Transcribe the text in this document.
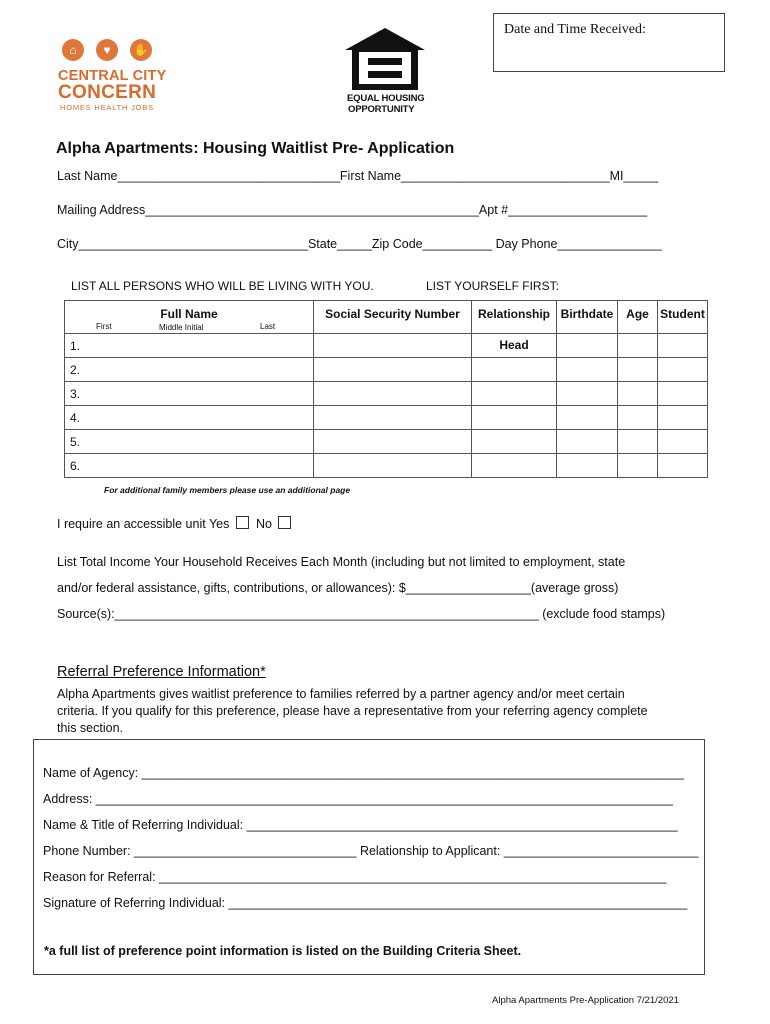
Date and Time Received:
⌂	♥	✋
CENTRAL CITY
CONCERN
HOMES HEALTH JOBS
EQUAL HOUSING
OPPORTUNITY
Alpha Apartments: Housing Waitlist Pre- Application
Last Name________________________________First Name______________________________MI_____
Mailing Address________________________________________________Apt #____________________
City_________________________________State_____Zip Code__________ Day Phone_______________
LIST ALL PERSONS WHO WILL BE LIVING WITH YOU.	LIST YOURSELF FIRST:
Full Name
First Middle Initial Last	Social Security Number	Relationship	Birthdate	Age	Student
1.		Head			
2.					
3.					
4.					
5.					
6.					
For additional family members please use an additional page
I require an accessible unit Yes No
List Total Income Your Household Receives Each Month (including but not limited to employment, state
and/or federal assistance, gifts, contributions, or allowances): $__________________(average gross)
Source(s):_____________________________________________________________ (exclude food stamps)
Referral Preference Information*
Alpha Apartments gives waitlist preference to families referred by a partner agency and/or meet certain
criteria. If you qualify for this preference, please have a representative from your referring agency complete
this section.
Name of Agency: ______________________________________________________________________________
Address: ___________________________________________________________________________________
Name & Title of Referring Individual: ______________________________________________________________
Phone Number: ________________________________ Relationship to Applicant: ____________________________
Reason for Referral: _________________________________________________________________________
Signature of Referring Individual: __________________________________________________________________
*a full list of preference point information is listed on the Building Criteria Sheet.
Alpha Apartments Pre-Application 7/21/2021
